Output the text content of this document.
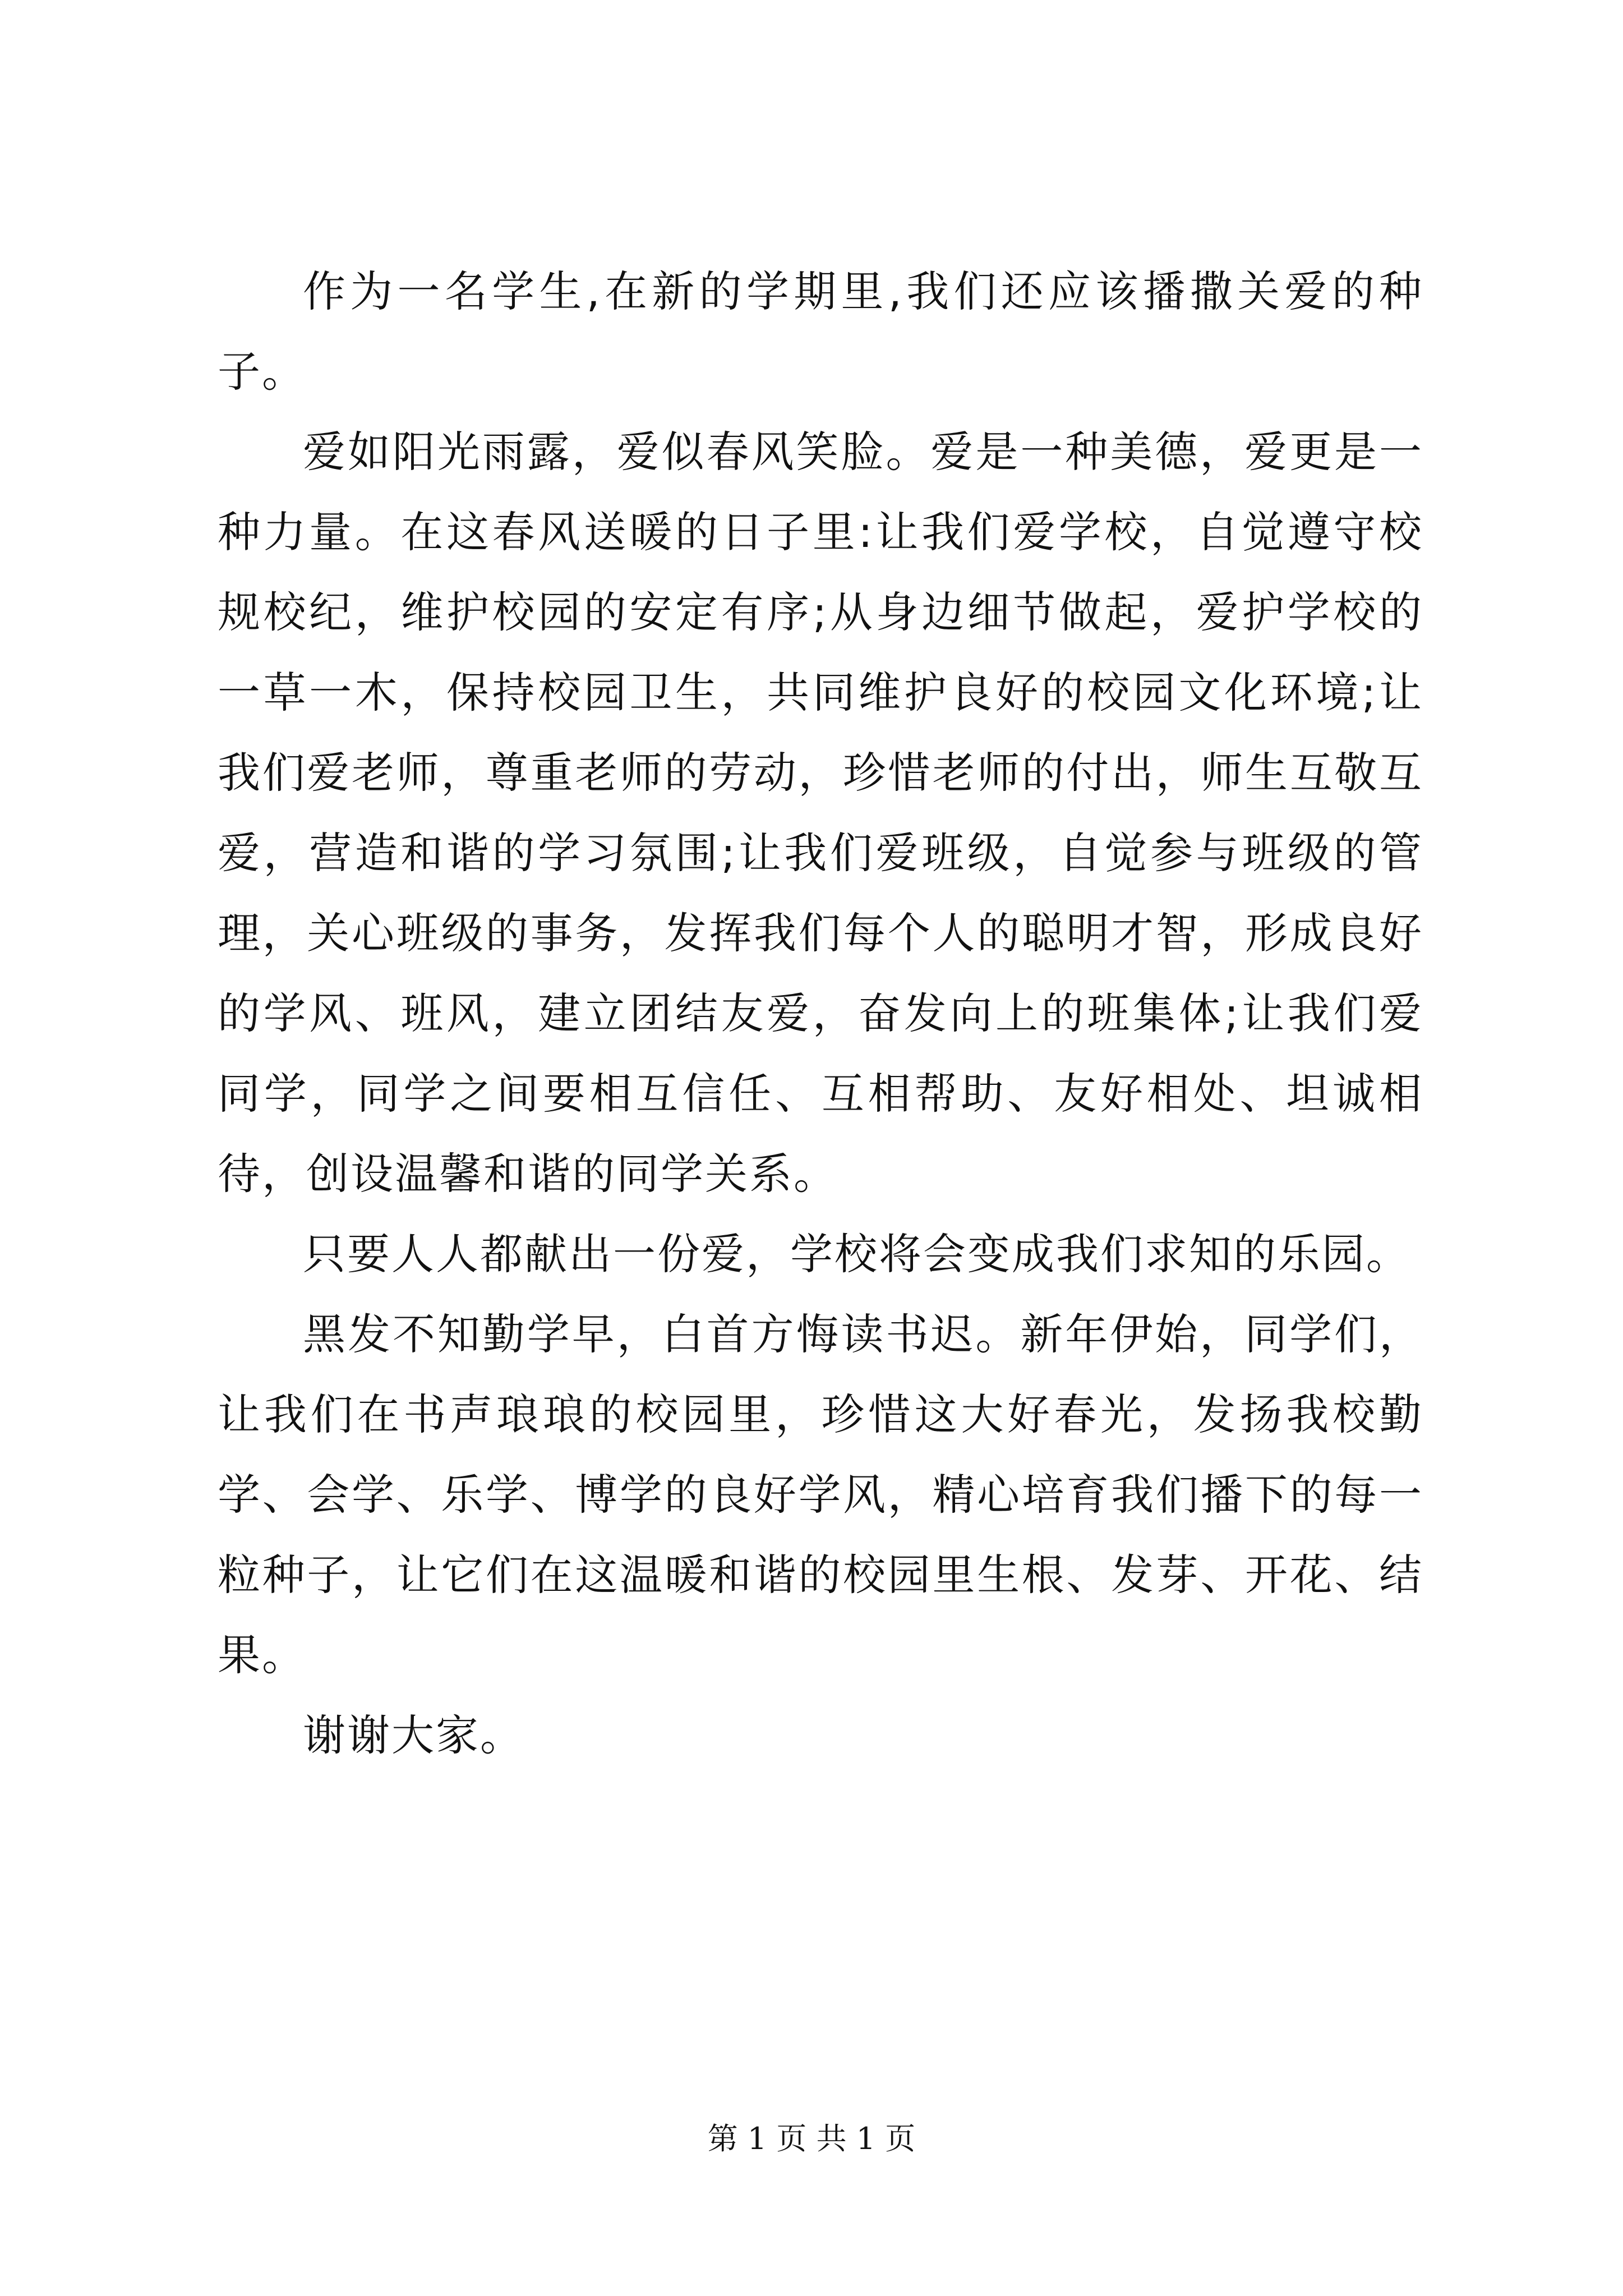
作为一名学生,在新的学期里,我们还应该播撒关爱的种子。

爱如阳光雨露，爱似春风笑脸。爱是一种美德，爱更是一种力量。在这春风送暖的日子里:让我们爱学校，自觉遵守校规校纪，维护校园的安定有序;从身边细节做起，爱护学校的一草一木，保持校园卫生，共同维护良好的校园文化环境;让我们爱老师，尊重老师的劳动，珍惜老师的付出，师生互敬互爱，营造和谐的学习氛围;让我们爱班级，自觉参与班级的管理，关心班级的事务，发挥我们每个人的聪明才智，形成良好的学风、班风，建立团结友爱，奋发向上的班集体;让我们爱同学，同学之间要相互信任、互相帮助、友好相处、坦诚相待，创设温馨和谐的同学关系。

只要人人都献出一份爱，学校将会变成我们求知的乐园。

黑发不知勤学早，白首方悔读书迟。新年伊始，同学们，让我们在书声琅琅的校园里，珍惜这大好春光，发扬我校勤学、会学、乐学、博学的良好学风，精心培育我们播下的每一粒种子，让它们在这温暖和谐的校园里生根、发芽、开花、结果。

谢谢大家。

第 1 页 共 1 页
